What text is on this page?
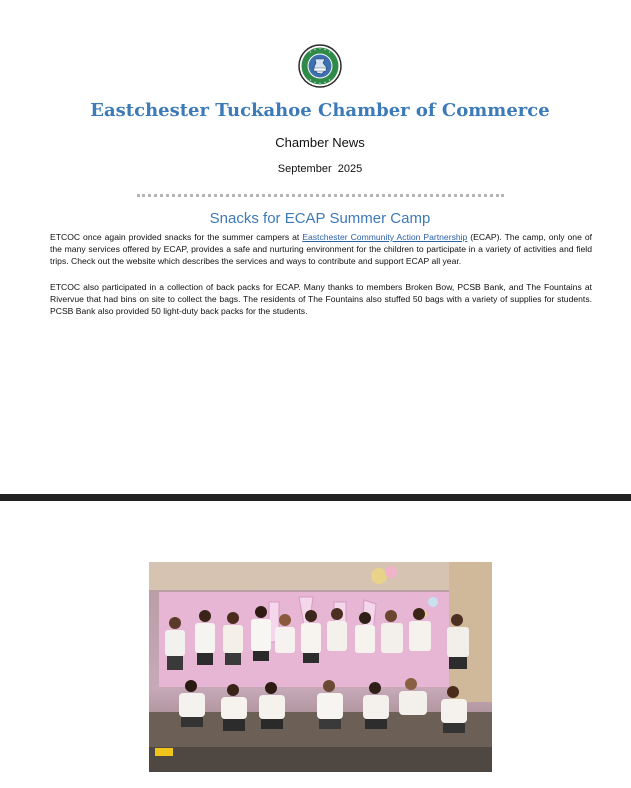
Eastchester Tuckahoe Chamber of Commerce
Chamber News
September  2025
Snacks for ECAP Summer Camp
ETCOC once again provided snacks for the summer campers at Eastchester Community Action Partnership (ECAP). The camp, only one of the many services offered by ECAP, provides a safe and nurturing environment for the children to participate in a variety of activities and field trips. Check out the website which describes the services and ways to contribute and support ECAP all year.
ETCOC also participated in a collection of back packs for ECAP. Many thanks to members Broken Bow, PCSB Bank, and The Fountains at Rivervue that had bins on site to collect the bags. The residents of The Fountains also stuffed 50 bags with a variety of supplies for students. PCSB Bank also provided 50 light-duty back packs for the students.
